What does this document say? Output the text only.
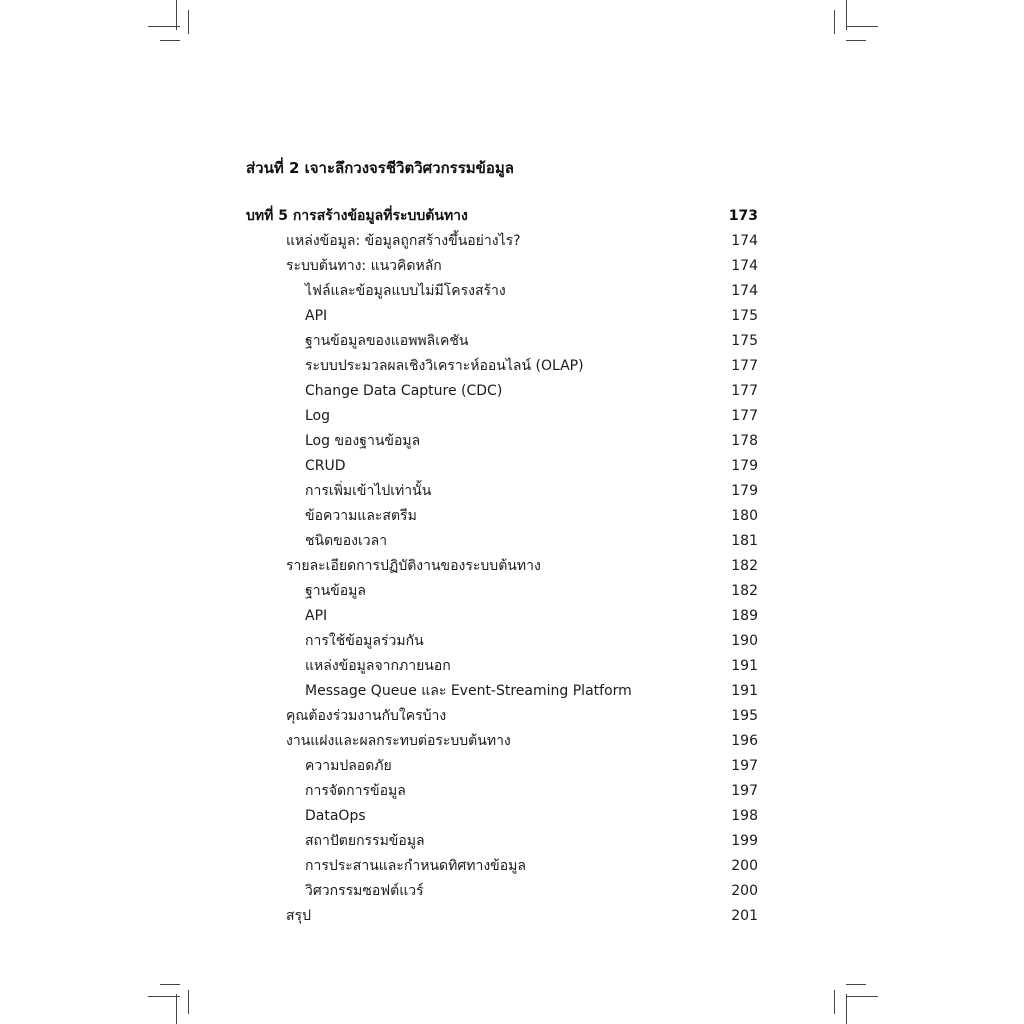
ส่วนที่ 2 เจาะลึกวงจรชีวิตวิศวกรรมข้อมูล
บทที่ 5 การสร้างข้อมูลที่ระบบต้นทาง	173
แหล่งข้อมูล: ข้อมูลถูกสร้างขึ้นอย่างไร?	174
ระบบต้นทาง: แนวคิดหลัก	174
ไฟล์และข้อมูลแบบไม่มีโครงสร้าง	174
API	175
ฐานข้อมูลของแอพพลิเคชัน	175
ระบบประมวลผลเชิงวิเคราะห์ออนไลน์ (OLAP)	177
Change Data Capture (CDC)	177
Log	177
Log ของฐานข้อมูล	178
CRUD	179
การเพิ่มเข้าไปเท่านั้น	179
ข้อความและสตรีม	180
ชนิดของเวลา	181
รายละเอียดการปฏิบัติงานของระบบต้นทาง	182
ฐานข้อมูล	182
API	189
การใช้ข้อมูลร่วมกัน	190
แหล่งข้อมูลจากภายนอก	191
Message Queue และ Event-Streaming Platform	191
คุณต้องร่วมงานกับใครบ้าง	195
งานแฝงและผลกระทบต่อระบบต้นทาง	196
ความปลอดภัย	197
การจัดการข้อมูล	197
DataOps	198
สถาปัตยกรรมข้อมูล	199
การประสานและกำหนดทิศทางข้อมูล	200
วิศวกรรมซอฟต์แวร์	200
สรุป	201
